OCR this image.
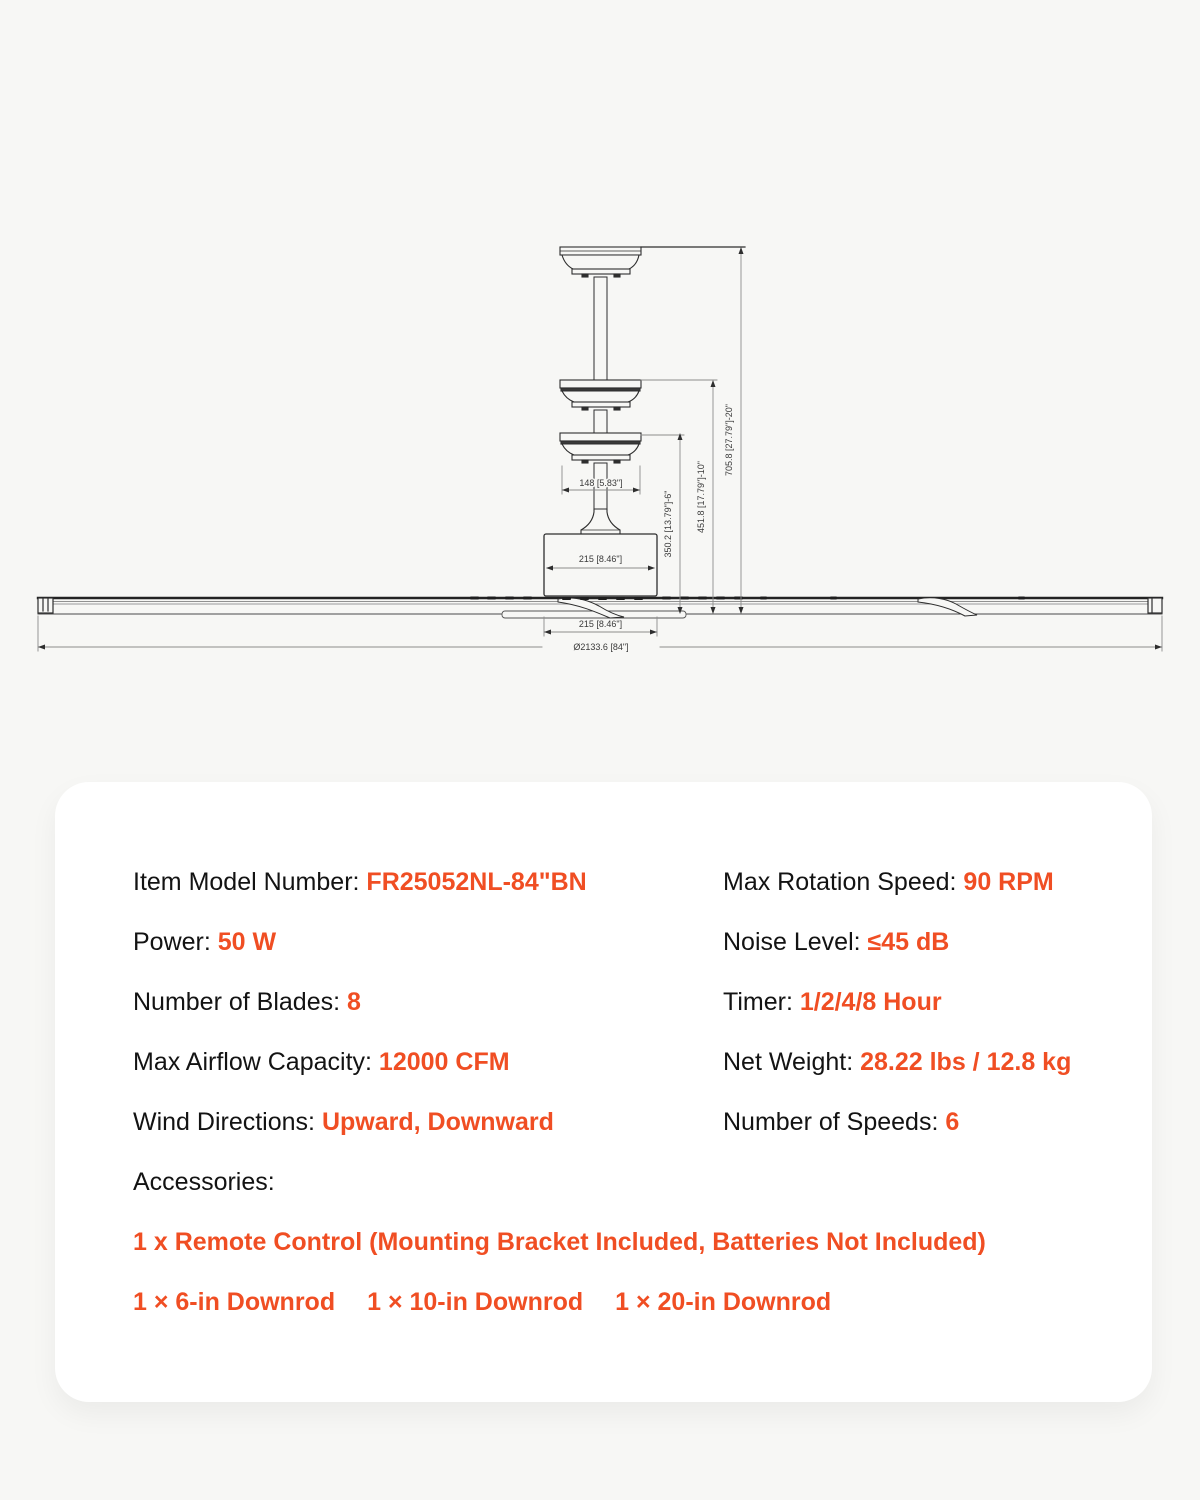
148 [5.83"]
215 [8.46"]
215 [8.46"]
Ø2133.6 [84"]
350.2 [13.79"]-6"	451.8 [17.79"]-10"
705.8 [27.79"]-20"
Item Model Number: FR25052NL-84"BN	Max Rotation Speed: 90 RPM
Power: 50 W	Noise Level: ≤45 dB
Number of Blades: 8	Timer: 1/2/4/8 Hour
Max Airflow Capacity: 12000 CFM	Net Weight: 28.22 lbs / 12.8 kg
Wind Directions: Upward, Downward	Number of Speeds: 6
Accessories:
1 x Remote Control (Mounting Bracket Included, Batteries Not Included)
1 × 6-in Downrod 1 × 10-in Downrod 1 × 20-in Downrod
